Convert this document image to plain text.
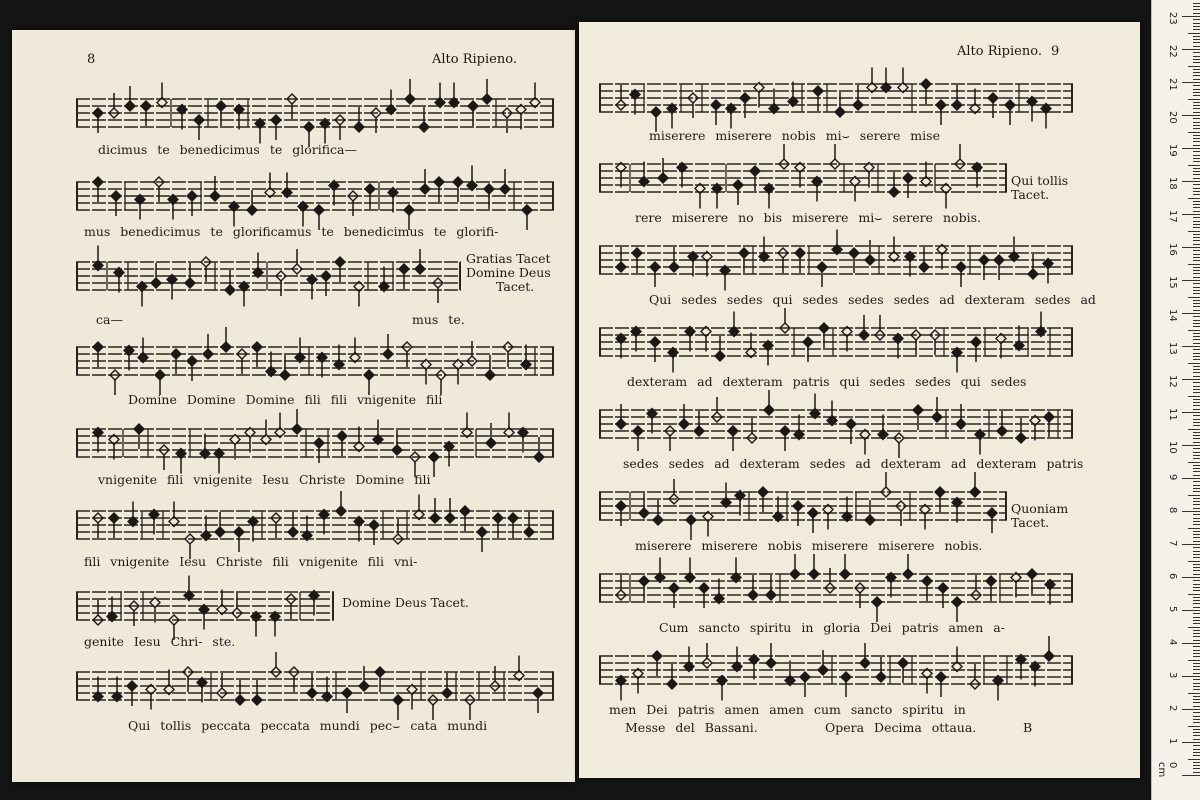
8	Alto Ripieno.
dicimus te benedicimus te glorifica—
mus benedicimus te glorificamus te benedicimus te glorifi-
Gratias Tacet
Domine Deus
Tacet.
ca—	mus te.
Domine Domine Domine fili fili vnigenite fili
vnigenite fili vnigenite Iesu Christe Domine fili
fili vnigenite Iesu Christe fili vnigenite fili vni-
Domine Deus Tacet.
genite Iesu Chri- ste.
Qui tollis peccata peccata mundi pec⌣ cata mundi
Alto Ripieno. 9
miserere miserere nobis mi⌣ serere mise
Qui tollis
Tacet.
rere miserere no bis miserere mi⌣ serere nobis.
Qui sedes sedes qui sedes sedes sedes ad dexteram sedes ad
dexteram ad dexteram patris qui sedes sedes qui sedes
sedes sedes ad dexteram sedes ad dexteram ad dexteram patris
Quoniam
Tacet.
miserere miserere nobis miserere miserere nobis.
Cum sancto spiritu in gloria Dei patris amen a-
men Dei patris amen amen cum sancto spiritu in
Messe del Bassani.	Opera Decima ottaua.	B
0 cm
1
2
3
4
5
6
7
8
9
10
11
12
13
14
15
16
17
18
19
20
21
22
23
